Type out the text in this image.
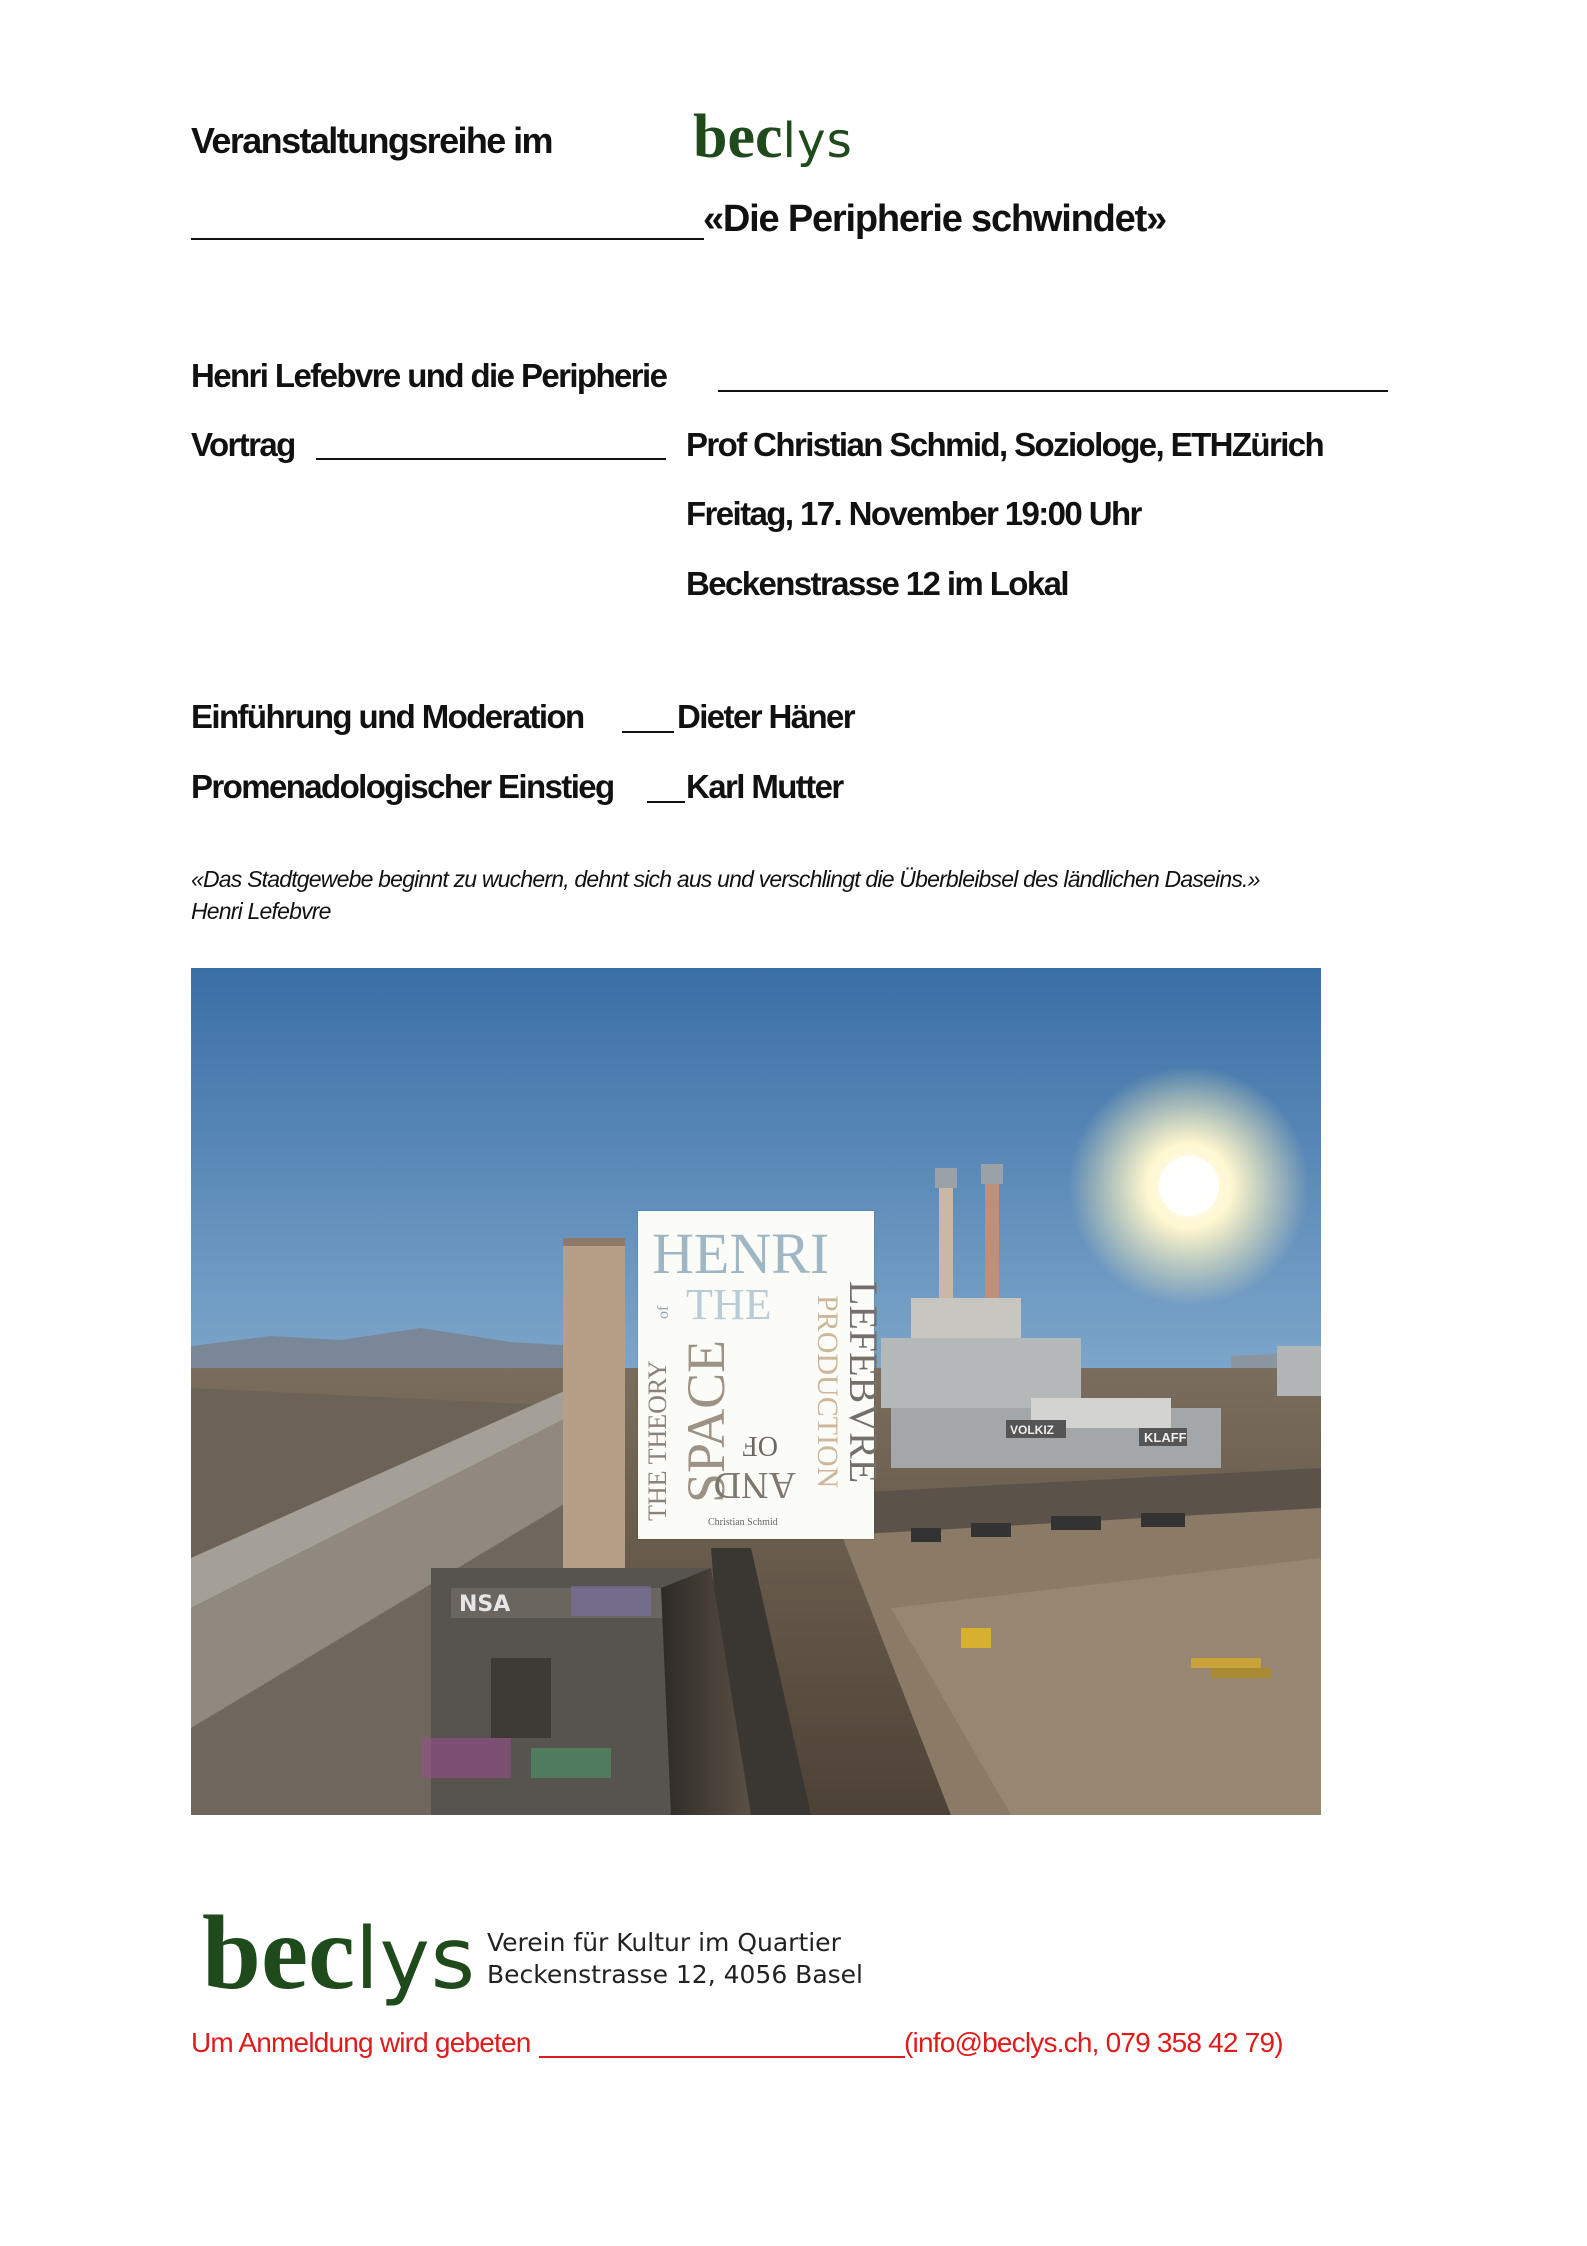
Veranstaltungsreihe im beclys
«Die Peripherie schwindet»
Henri Lefebvre und die Peripherie
Vortrag	Prof Christian Schmid, Soziologe, ETHZürich
Freitag, 17. November 19:00 Uhr
Beckenstrasse 12 im Lokal
Einführung und Moderation	Dieter Häner
Promenadologischer Einstieg Karl Mutter
«Das Stadtgewebe beginnt zu wuchern, dehnt sich aus und verschlingt die Überbleibsel des ländlichen Daseins.»
Henri Lefebvre
KLAFF
VOLKIZ
NSA
HENRI
THE
of	PRODUCTION
LEFEBVRE
THE THEORY SPACE OF
AND
Christian Schmid
beclys Verein für Kultur im Quartier
Beckenstrasse 12, 4056 Basel
Um Anmeldung wird gebeten	(info@beclys.ch, 079 358 42 79)
